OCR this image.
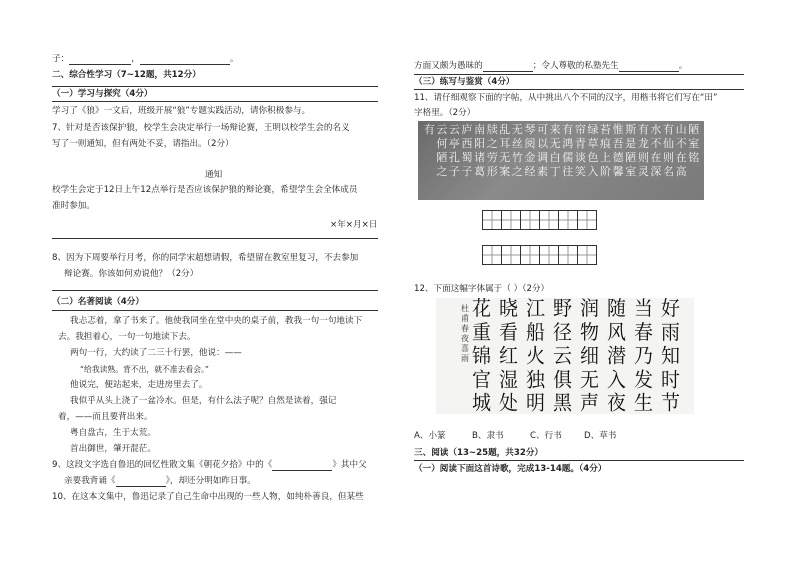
子：	，	。
二、综合性学习（7~12题，共12分）
（一）学习与探究（4分）
学习了《狼》一文后，班级开展“狼”专题实践活动，请你积极参与。
7、针对是否该保护狼，校学生会决定举行一场辩论赛，王明以校学生会的名义
写了一则通知，但有两处不妥，请指出。（2分）
通知
校学生会定于12日上午12点举行是否应该保护狼的辩论赛，希望学生会全体成员
准时参加。
×年×月×日
8、因为下周要举行月考，你的同学宋超想请假，希望留在教室里复习，不去参加
辩论赛。你该如何劝说他？（2分）
（二）名著阅读（4分）
我忐忑着，拿了书来了。他使我同坐在堂中央的桌子前，教我一句一句地读下
去。我担着心，一句一句地读下去。
两句一行，大约读了二三十行罢，他说：——
“给我读熟。背不出，就不准去看会。”
他说完，便站起来，走进房里去了。
我似乎从头上浇了一盆冷水。但是，有什么法子呢？自然是读着，强记
着，——而且要背出来。
粤自盘古，生于太荒。
首出御世，肇开混茫。
9、这段文字选自鲁迅的回忆性散文集《朝花夕拾》中的《	》其中父
亲要我背诵《	》，却还分明如昨日事。
10、在这本文集中，鲁迅记录了自己生命中出现的一些人物，如纯朴善良，但某些
方面又颇为愚昧的	；令人尊敬的私塾先生	。
（三）练写与鉴赏（4分）
11、请仔细观察下面的字帖，从中挑出八个不同的汉字，用楷书将它们写在“田”
字格里。（2分）
陋
室
铭
山
不
在
高
有
仙
则
名
水
不
在
深
有
龙
则
灵
斯
是
陋
室
惟
吾
德
馨
苔
痕
上
阶
绿
草
色
入
帘
青
谈
笑
有
鸿
儒
往
来
无
白
丁
可
以
调
素
琴
阅
金
经
无
丝
竹
之
乱
耳
无
案
牍
之
劳
形
南
阳
诸
葛
庐
西
蜀
子
云
亭
孔
子
云
何
陋
之
有
12、下面这幅字体属于（ ）（2分）
杜
甫
春
夜
喜
雨
好
雨
知
时
节
当
春
乃
发
生
随
风
潜
入
夜
润
物
细
无
声
野
径
云
俱
黑
江
船
火
独
明
晓
看
红
湿
处
花
重
锦
官
城
A、小篆	B、隶书	C、行书	D、草书
三、阅读（13~25题，共32分）
（一）阅读下面这首诗歌，完成13-14题。（4分）
